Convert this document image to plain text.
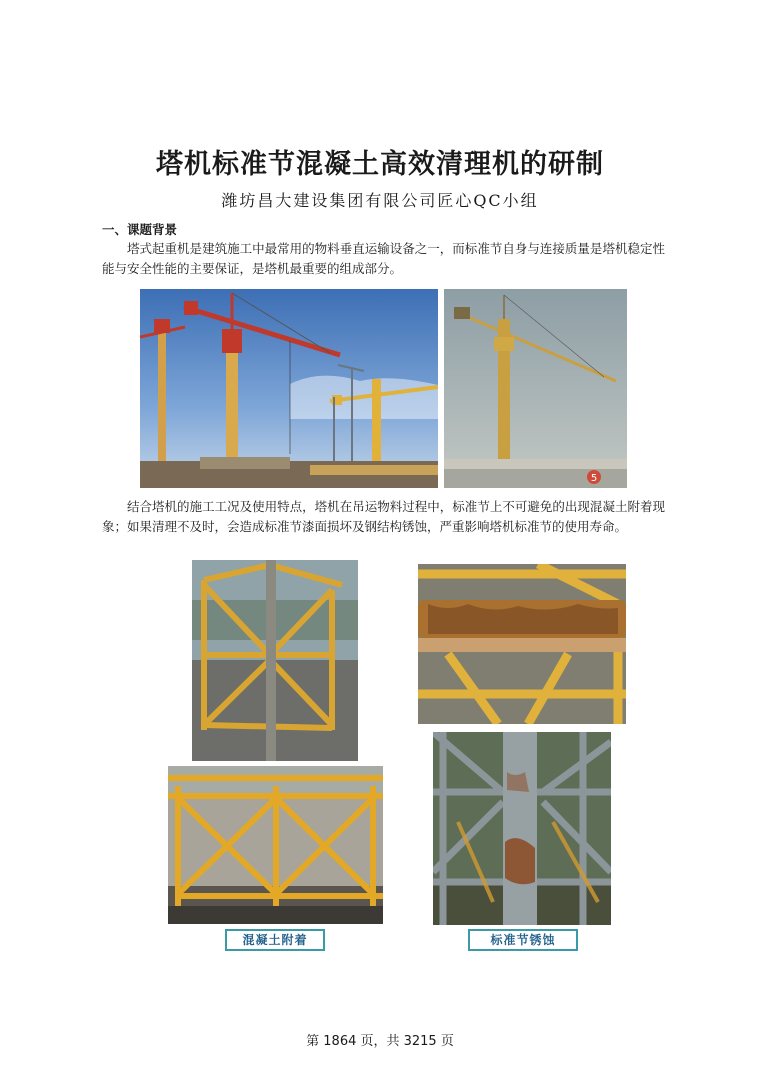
塔机标准节混凝土高效清理机的研制
潍坊昌大建设集团有限公司匠心QC小组
一、课题背景
塔式起重机是建筑施工中最常用的物料垂直运输设备之一，而标准节自身与连接质量是塔机稳定性能与安全性能的主要保证，是塔机最重要的组成部分。
5
结合塔机的施工工况及使用特点，塔机在吊运物料过程中，标准节上不可避免的出现混凝土附着现象；如果清理不及时，会造成标准节漆面损坏及钢结构锈蚀，严重影响塔机标准节的使用寿命。
混凝土附着	标准节锈蚀
第 1864 页，共 3215 页
